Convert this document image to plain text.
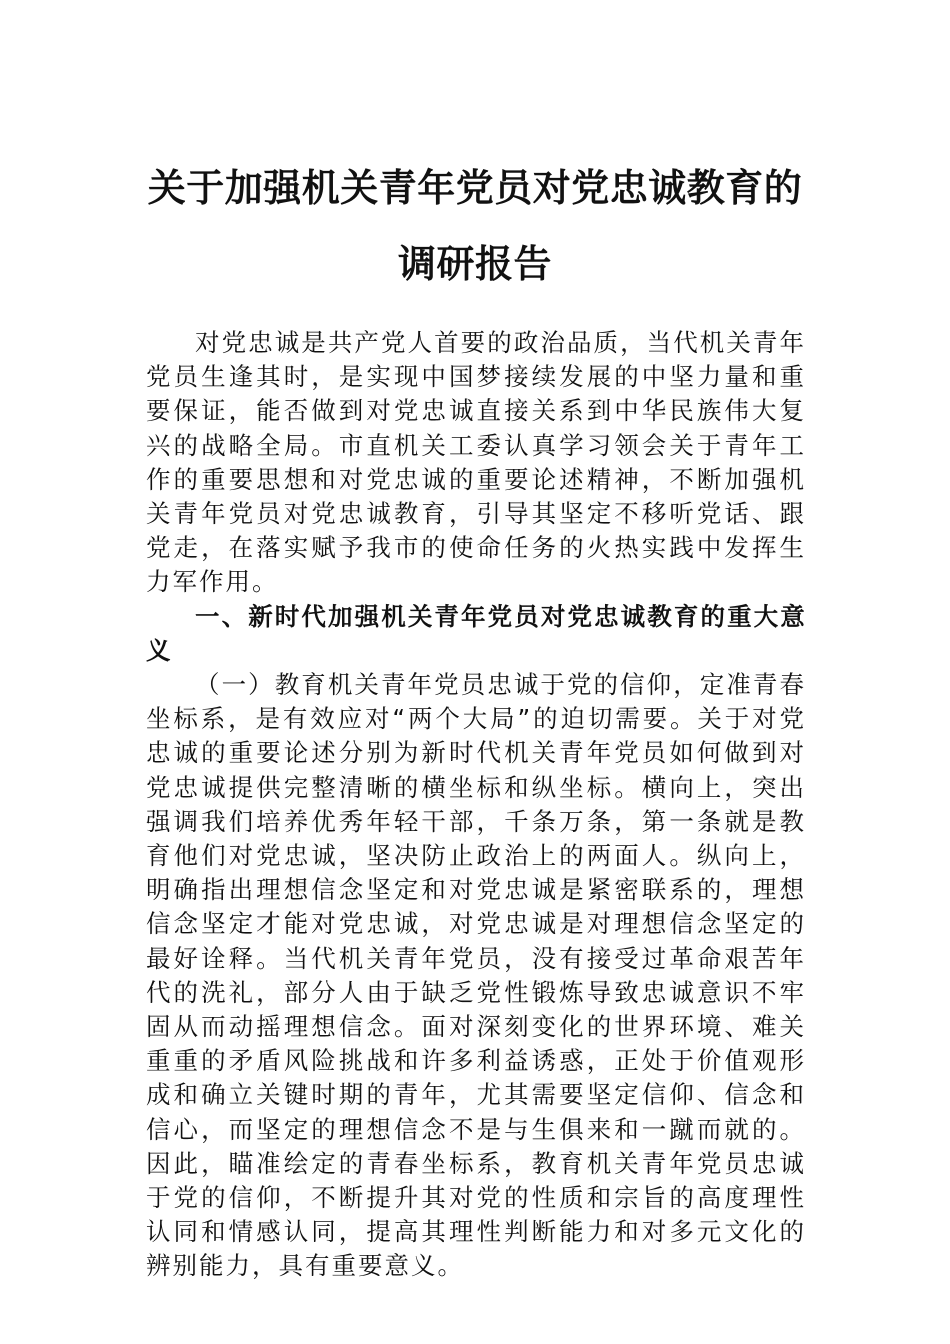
关于加强机关青年党员对党忠诚教育的调研报告

对党忠诚是共产党人首要的政治品质，当代机关青年党员生逢其时，是实现中国梦接续发展的中坚力量和重要保证，能否做到对党忠诚直接关系到中华民族伟大复兴的战略全局。市直机关工委认真学习领会关于青年工作的重要思想和对党忠诚的重要论述精神，不断加强机关青年党员对党忠诚教育，引导其坚定不移听党话、跟党走，在落实赋予我市的使命任务的火热实践中发挥生力军作用。

一、新时代加强机关青年党员对党忠诚教育的重大意义

（一）教育机关青年党员忠诚于党的信仰，定准青春坐标系，是有效应对“两个大局”的迫切需要。关于对党忠诚的重要论述分别为新时代机关青年党员如何做到对党忠诚提供完整清晰的横坐标和纵坐标。横向上，突出强调我们培养优秀年轻干部，千条万条，第一条就是教育他们对党忠诚，坚决防止政治上的两面人。纵向上，明确指出理想信念坚定和对党忠诚是紧密联系的，理想信念坚定才能对党忠诚，对党忠诚是对理想信念坚定的最好诠释。当代机关青年党员，没有接受过革命艰苦年代的洗礼，部分人由于缺乏党性锻炼导致忠诚意识不牢固从而动摇理想信念。面对深刻变化的世界环境、难关重重的矛盾风险挑战和许多利益诱惑，正处于价值观形成和确立关键时期的青年，尤其需要坚定信仰、信念和信心，而坚定的理想信念不是与生俱来和一蹴而就的。因此，瞄准绘定的青春坐标系，教育机关青年党员忠诚于党的信仰，不断提升其对党的性质和宗旨的高度理性认同和情感认同，提高其理性判断能力和对多元文化的辨别能力，具有重要意义。
